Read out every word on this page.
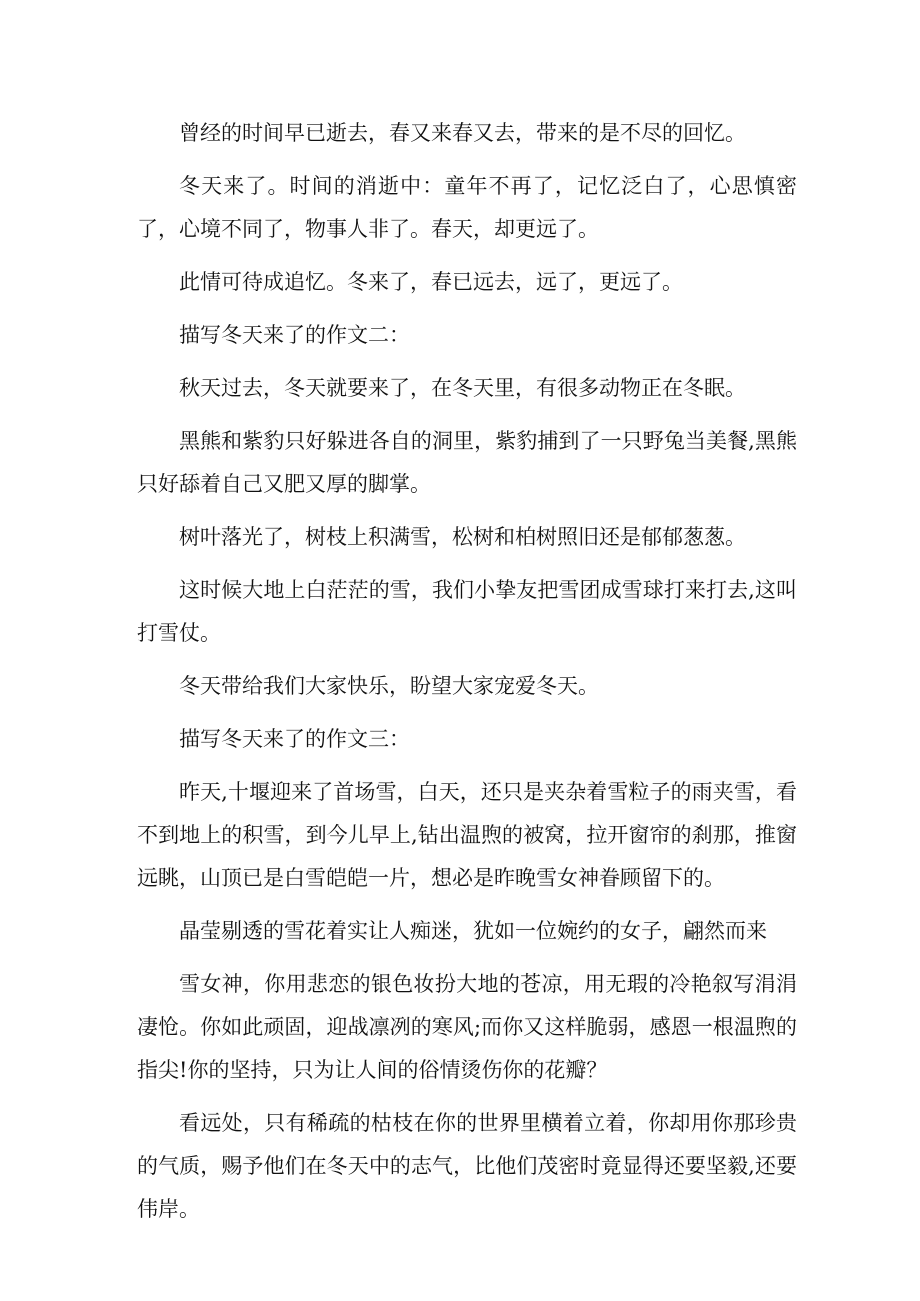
曾经的时间早已逝去，春又来春又去，带来的是不尽的回忆。

冬天来了。时间的消逝中：童年不再了，记忆泛白了，心思慎密了，心境不同了，物事人非了。春天，却更远了。

此情可待成追忆。冬来了，春已远去，远了，更远了。

描写冬天来了的作文二：

秋天过去，冬天就要来了，在冬天里，有很多动物正在冬眠。

黑熊和紫豹只好躲进各自的洞里，紫豹捕到了一只野兔当美餐,黑熊只好舔着自己又肥又厚的脚掌。

树叶落光了，树枝上积满雪，松树和柏树照旧还是郁郁葱葱。

这时候大地上白茫茫的雪，我们小挚友把雪团成雪球打来打去,这叫打雪仗。

冬天带给我们大家快乐，盼望大家宠爱冬天。

描写冬天来了的作文三：

昨天,十堰迎来了首场雪，白天，还只是夹杂着雪粒子的雨夹雪，看不到地上的积雪，到今儿早上,钻出温煦的被窝，拉开窗帘的刹那，推窗远眺，山顶已是白雪皑皑一片，想必是昨晚雪女神眷顾留下的。

晶莹剔透的雪花着实让人痴迷，犹如一位婉约的女子，翩然而来

雪女神，你用悲恋的银色妆扮大地的苍凉，用无瑕的冷艳叙写涓涓凄怆。你如此顽固，迎战凛冽的寒风;而你又这样脆弱，感恩一根温煦的指尖!你的坚持，只为让人间的俗情烫伤你的花瓣？

看远处，只有稀疏的枯枝在你的世界里横着立着，你却用你那珍贵的气质，赐予他们在冬天中的志气，比他们茂密时竟显得还要坚毅,还要伟岸。
